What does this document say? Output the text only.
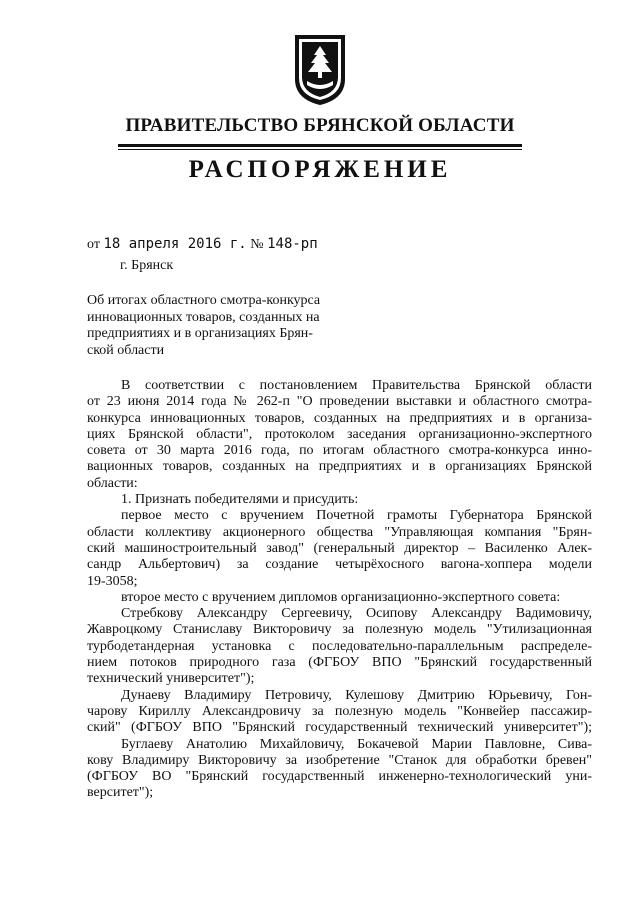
ПРАВИТЕЛЬСТВО БРЯНСКОЙ ОБЛАСТИ
РАСПОРЯЖЕНИЕ
от 18 апреля 2016 г. № 148-рп
г. Брянск
Об итогах областного смотра-конкурса
инновационных товаров, созданных на
предприятиях и в организациях Брян-
ской области
В соответствии с постановлением Правительства Брянской области
от 23 июня 2014 года № 262-п "О проведении выставки и областного смотра-
конкурса инновационных товаров, созданных на предприятиях и в организа-
циях Брянской области", протоколом заседания организационно-экспертного
совета от 30 марта 2016 года, по итогам областного смотра-конкурса инно-
вационных товаров, созданных на предприятиях и в организациях Брянской
области:
1. Признать победителями и присудить:
первое место с вручением Почетной грамоты Губернатора Брянской
области коллективу акционерного общества "Управляющая компания "Брян-
ский машиностроительный завод" (генеральный директор – Василенко Алек-
сандр Альбертович) за создание четырёхосного вагона-хоппера модели
19-3058;
второе место с вручением дипломов организационно-экспертного совета:
Стребкову Александру Сергеевичу, Осипову Александру Вадимовичу,
Жавроцкому Станиславу Викторовичу за полезную модель "Утилизационная
турбодетандерная установка с последовательно-параллельным распределе-
нием потоков природного газа (ФГБОУ ВПО "Брянский государственный
технический университет");
Дунаеву Владимиру Петровичу, Кулешову Дмитрию Юрьевичу, Гон-
чарову Кириллу Александровичу за полезную модель "Конвейер пассажир-
ский" (ФГБОУ ВПО "Брянский государственный технический университет");
Буглаеву Анатолию Михайловичу, Бокачевой Марии Павловне, Сива-
кову Владимиру Викторовичу за изобретение "Станок для обработки бревен"
(ФГБОУ ВО "Брянский государственный инженерно-технологический уни-
верситет");
